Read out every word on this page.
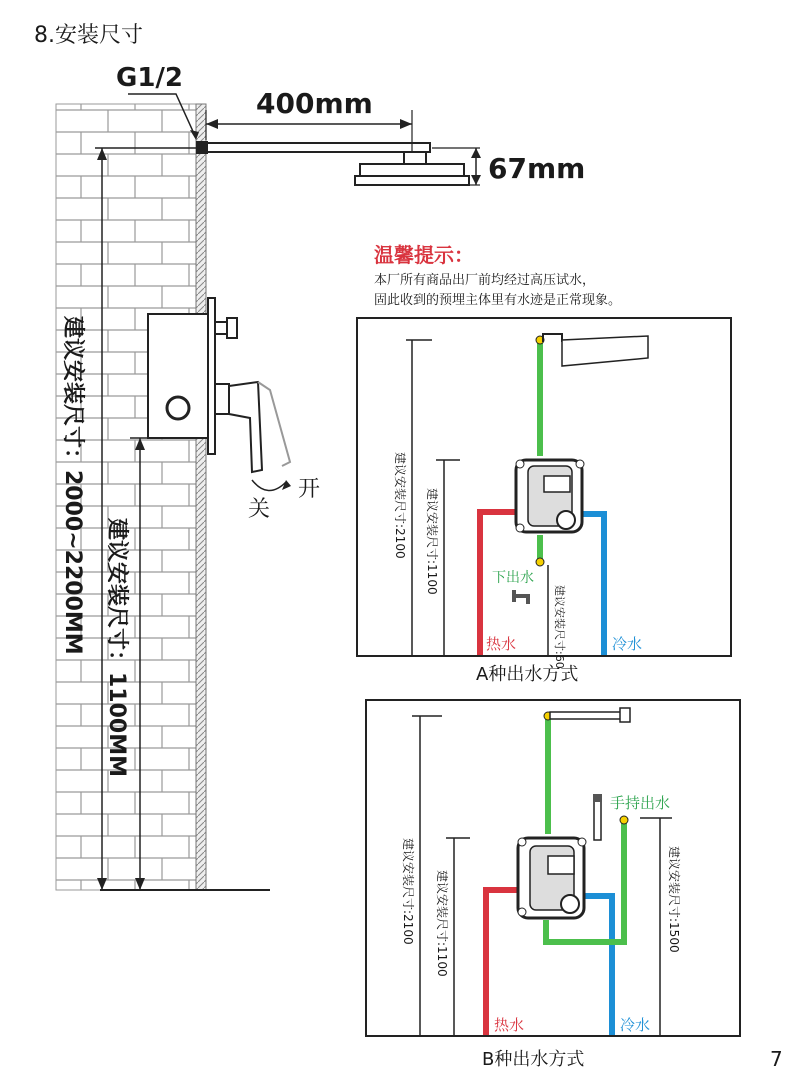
8.安装尺寸
G1/2
400mm
67mm
建议安装尺寸：2000~2200MM 建议安装尺寸：1100MM
开
关
温馨提示：
本厂所有商品出厂前均经过高压试水，
固此收到的预埋主体里有水迹是正常现象。
建议安装尺寸:2100 建议安装尺寸:1100
建议安装尺寸:60
下出水
热水	冷水
A种出水方式
建议安装尺寸:2100 建议安装尺寸:1100	建议安装尺寸:1500
手持出水
热水	冷水
B种出水方式	7
